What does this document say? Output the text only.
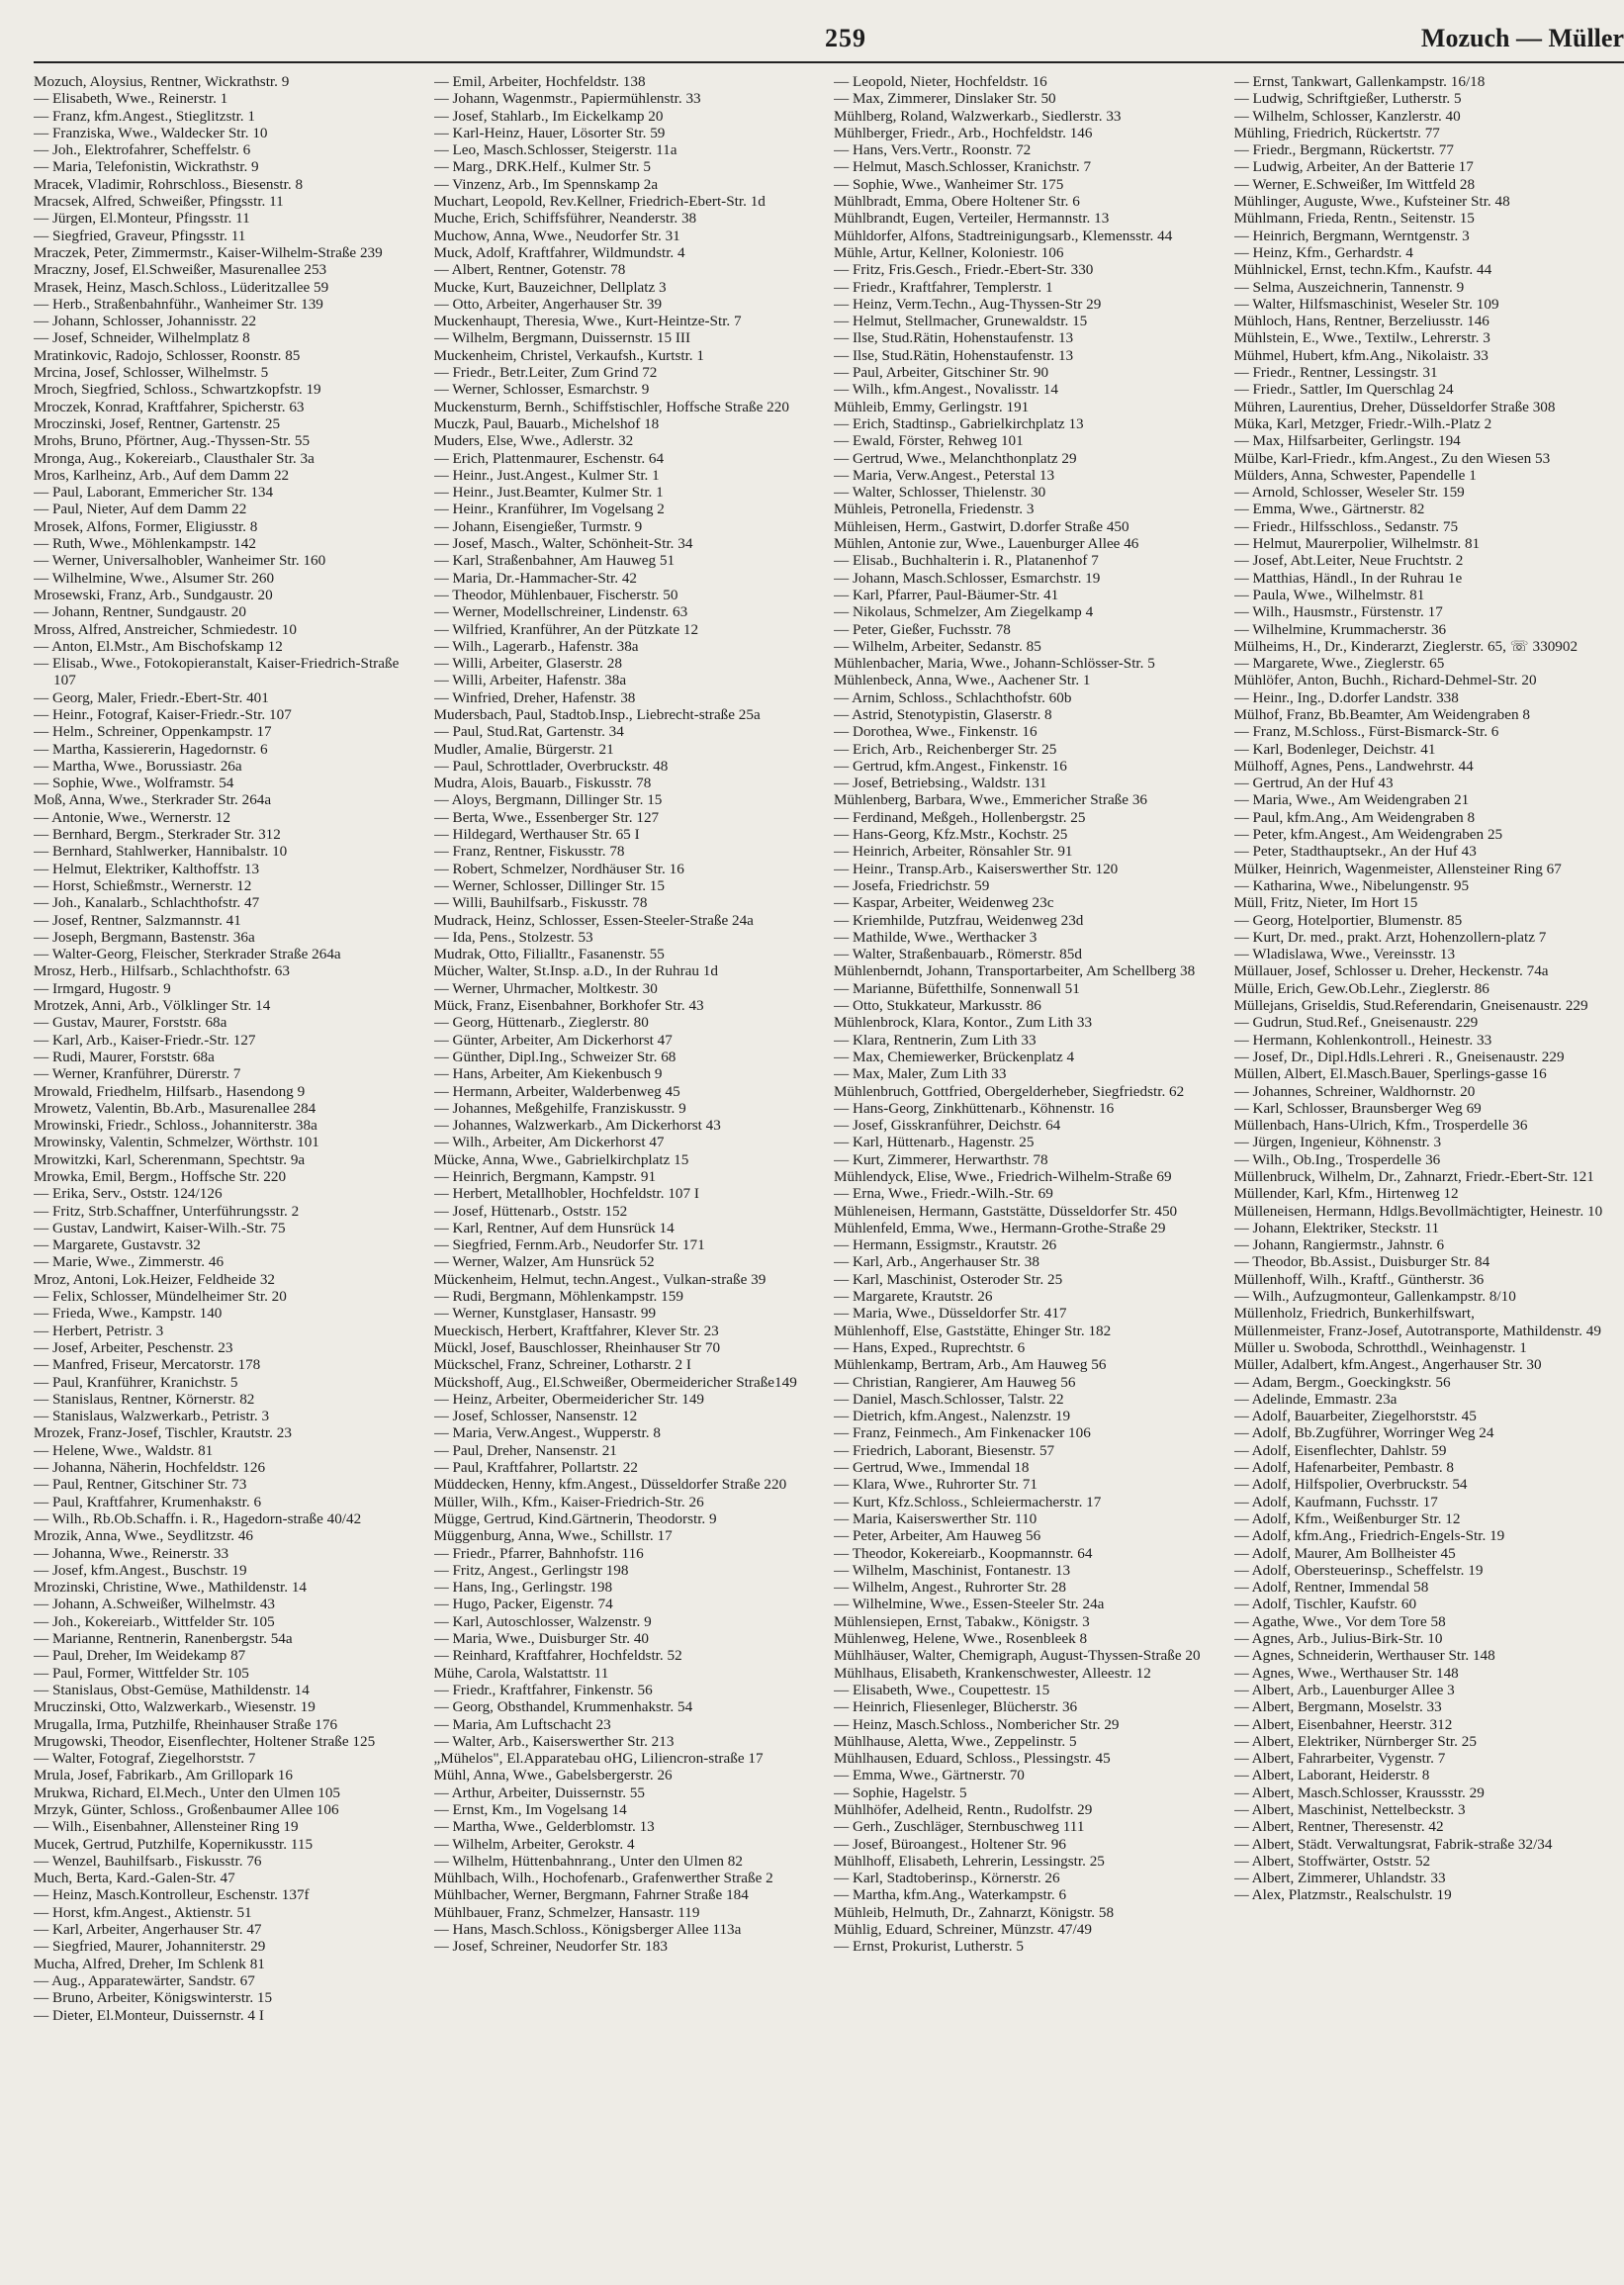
259	Mozuch — Müller
Mozuch, Aloysius, Rentner, Wickrathstr. 9
— Elisabeth, Wwe., Reinerstr. 1
— Franz, kfm.Angest., Stieglitzstr. 1
— Franziska, Wwe., Waldecker Str. 10
— Joh., Elektrofahrer, Scheffelstr. 6
— Maria, Telefonistin, Wickrathstr. 9
Mracek, Vladimir, Rohrschloss., Biesenstr. 8
Mracsek, Alfred, Schweißer, Pfingsstr. 11
— Jürgen, El.Monteur, Pfingsstr. 11
— Siegfried, Graveur, Pfingsstr. 11
Mraczek, Peter, Zimmermstr., Kaiser-Wilhelm-Straße 239
Mraczny, Josef, El.Schweißer, Masurenallee 253
Mrasek, Heinz, Masch.Schloss., Lüderitzallee 59
— Herb., Straßenbahnführ., Wanheimer Str. 139
— Johann, Schlosser, Johannisstr. 22
— Josef, Schneider, Wilhelmplatz 8
Mratinkovic, Radojo, Schlosser, Roonstr. 85
Mrcina, Josef, Schlosser, Wilhelmstr. 5
Mroch, Siegfried, Schloss., Schwartzkopfstr. 19
Mroczek, Konrad, Kraftfahrer, Spicherstr. 63
Mroczinski, Josef, Rentner, Gartenstr. 25
Mrohs, Bruno, Pförtner, Aug.-Thyssen-Str. 55
Mronga, Aug., Kokereiarb., Clausthaler Str. 3a
Mros, Karlheinz, Arb., Auf dem Damm 22
— Paul, Laborant, Emmericher Str. 134
— Paul, Nieter, Auf dem Damm 22
Mrosek, Alfons, Former, Eligiusstr. 8
— Ruth, Wwe., Möhlenkampstr. 142
— Werner, Universalhobler, Wanheimer Str. 160
— Wilhelmine, Wwe., Alsumer Str. 260
Mrosewski, Franz, Arb., Sundgaustr. 20
— Johann, Rentner, Sundgaustr. 20
Mross, Alfred, Anstreicher, Schmiedestr. 10
— Anton, El.Mstr., Am Bischofskamp 12
— Elisab., Wwe., Fotokopieranstalt, Kaiser-Friedrich-Straße 107
— Georg, Maler, Friedr.-Ebert-Str. 401
— Heinr., Fotograf, Kaiser-Friedr.-Str. 107
— Helm., Schreiner, Oppenkampstr. 17
— Martha, Kassiererin, Hagedornstr. 6
— Martha, Wwe., Borussiastr. 26a
— Sophie, Wwe., Wolframstr. 54
Moß, Anna, Wwe., Sterkrader Str. 264a
— Antonie, Wwe., Wernerstr. 12
— Bernhard, Bergm., Sterkrader Str. 312
— Bernhard, Stahlwerker, Hannibalstr. 10
— Helmut, Elektriker, Kalthoffstr. 13
— Horst, Schießmstr., Wernerstr. 12
— Joh., Kanalarb., Schlachthofstr. 47
— Josef, Rentner, Salzmannstr. 41
— Joseph, Bergmann, Bastenstr. 36a
— Walter-Georg, Fleischer, Sterkrader Straße 264a
Mrosz, Herb., Hilfsarb., Schlachthofstr. 63
— Irmgard, Hugostr. 9
Mrotzek, Anni, Arb., Völklinger Str. 14
— Gustav, Maurer, Forststr. 68a
— Karl, Arb., Kaiser-Friedr.-Str. 127
— Rudi, Maurer, Forststr. 68a
— Werner, Kranführer, Dürerstr. 7
Mrowald, Friedhelm, Hilfsarb., Hasendong 9
Mrowetz, Valentin, Bb.Arb., Masurenallee 284
Mrowinski, Friedr., Schloss., Johanniterstr. 38a
Mrowinsky, Valentin, Schmelzer, Wörthstr. 101
Mrowitzki, Karl, Scherenmann, Spechtstr. 9a
Mrowka, Emil, Bergm., Hoffsche Str. 220
— Erika, Serv., Oststr. 124/126
— Fritz, Strb.Schaffner, Unterführungsstr. 2
— Gustav, Landwirt, Kaiser-Wilh.-Str. 75
— Margarete, Gustavstr. 32
— Marie, Wwe., Zimmerstr. 46
Mroz, Antoni, Lok.Heizer, Feldheide 32
— Felix, Schlosser, Mündelheimer Str. 20
— Frieda, Wwe., Kampstr. 140
— Herbert, Petristr. 3
— Josef, Arbeiter, Peschenstr. 23
— Manfred, Friseur, Mercatorstr. 178
— Paul, Kranführer, Kranichstr. 5
— Stanislaus, Rentner, Körnerstr. 82
— Stanislaus, Walzwerkarb., Petristr. 3
Mrozek, Franz-Josef, Tischler, Krautstr. 23
— Helene, Wwe., Waldstr. 81
— Johanna, Näherin, Hochfeldstr. 126
— Paul, Rentner, Gitschiner Str. 73
— Paul, Kraftfahrer, Krumenhakstr. 6
— Wilh., Rb.Ob.Schaffn. i. R., Hagedorn-straße 40/42
Mrozik, Anna, Wwe., Seydlitzstr. 46
— Johanna, Wwe., Reinerstr. 33
— Josef, kfm.Angest., Buschstr. 19
Mrozinski, Christine, Wwe., Mathildenstr. 14
— Johann, A.Schweißer, Wilhelmstr. 43
— Joh., Kokereiarb., Wittfelder Str. 105
— Marianne, Rentnerin, Ranenbergstr. 54a
— Paul, Dreher, Im Weidekamp 87
— Paul, Former, Wittfelder Str. 105
— Stanislaus, Obst-Gemüse, Mathildenstr. 14
Mruczinski, Otto, Walzwerkarb., Wiesenstr. 19
Mrugalla, Irma, Putzhilfe, Rheinhauser Straße 176
Mrugowski, Theodor, Eisenflechter, Holtener Straße 125
— Walter, Fotograf, Ziegelhorststr. 7
Mrula, Josef, Fabrikarb., Am Grillopark 16
Mrukwa, Richard, El.Mech., Unter den Ulmen 105
Mrzyk, Günter, Schloss., Großenbaumer Allee 106
— Wilh., Eisenbahner, Allensteiner Ring 19
Mucek, Gertrud, Putzhilfe, Kopernikusstr. 115
— Wenzel, Bauhilfsarb., Fiskusstr. 76
Much, Berta, Kard.-Galen-Str. 47
— Heinz, Masch.Kontrolleur, Eschenstr. 137f
— Horst, kfm.Angest., Aktienstr. 51
— Karl, Arbeiter, Angerhauser Str. 47
— Siegfried, Maurer, Johanniterstr. 29
Mucha, Alfred, Dreher, Im Schlenk 81
— Aug., Apparatewärter, Sandstr. 67
— Bruno, Arbeiter, Königswinterstr. 15
— Dieter, El.Monteur, Duissernstr. 4 I
— Emil, Arbeiter, Hochfeldstr. 138
— Johann, Wagenmstr., Papiermühlenstr. 33
— Josef, Stahlarb., Im Eickelkamp 20
— Karl-Heinz, Hauer, Lösorter Str. 59
— Leo, Masch.Schlosser, Steigerstr. 11a
— Marg., DRK.Helf., Kulmer Str. 5
— Vinzenz, Arb., Im Spennskamp 2a
Muchart, Leopold, Rev.Kellner, Friedrich-Ebert-Str. 1d
Muche, Erich, Schiffsführer, Neanderstr. 38
Muchow, Anna, Wwe., Neudorfer Str. 31
Muck, Adolf, Kraftfahrer, Wildmundstr. 4
— Albert, Rentner, Gotenstr. 78
Mucke, Kurt, Bauzeichner, Dellplatz 3
— Otto, Arbeiter, Angerhauser Str. 39
Muckenhaupt, Theresia, Wwe., Kurt-Heintze-Str. 7
— Wilhelm, Bergmann, Duissernstr. 15 III
Muckenheim, Christel, Verkaufsh., Kurtstr. 1
— Friedr., Betr.Leiter, Zum Grind 72
— Werner, Schlosser, Esmarchstr. 9
Muckensturm, Bernh., Schiffstischler, Hoffsche Straße 220
Muczk, Paul, Bauarb., Michelshof 18
Muders, Else, Wwe., Adlerstr. 32
— Erich, Plattenmaurer, Eschenstr. 64
— Heinr., Just.Angest., Kulmer Str. 1
— Heinr., Just.Beamter, Kulmer Str. 1
— Heinr., Kranführer, Im Vogelsang 2
— Johann, Eisengießer, Turmstr. 9
— Josef, Masch., Walter, Schönheit-Str. 34
— Karl, Straßenbahner, Am Hauweg 51
— Maria, Dr.-Hammacher-Str. 42
— Theodor, Mühlenbauer, Fischerstr. 50
— Werner, Modellschreiner, Lindenstr. 63
— Wilfried, Kranführer, An der Pützkate 12
— Wilh., Lagerarb., Hafenstr. 38a
— Willi, Arbeiter, Glaserstr. 28
— Willi, Arbeiter, Hafenstr. 38a
— Winfried, Dreher, Hafenstr. 38
Mudersbach, Paul, Stadtob.Insp., Liebrecht-straße 25a
— Paul, Stud.Rat, Gartenstr. 34
Mudler, Amalie, Bürgerstr. 21
— Paul, Schrottlader, Overbruckstr. 48
Mudra, Alois, Bauarb., Fiskusstr. 78
— Aloys, Bergmann, Dillinger Str. 15
— Berta, Wwe., Essenberger Str. 127
— Hildegard, Werthauser Str. 65 I
— Franz, Rentner, Fiskusstr. 78
— Robert, Schmelzer, Nordhäuser Str. 16
— Werner, Schlosser, Dillinger Str. 15
— Willi, Bauhilfsarb., Fiskusstr. 78
Mudrack, Heinz, Schlosser, Essen-Steeler-Straße 24a
— Ida, Pens., Stolzestr. 53
Mudrak, Otto, Filialltr., Fasanenstr. 55
Mücher, Walter, St.Insp. a.D., In der Ruhrau 1d
— Werner, Uhrmacher, Moltkestr. 30
Mück, Franz, Eisenbahner, Borkhofer Str. 43
— Georg, Hüttenarb., Zieglerstr. 80
— Günter, Arbeiter, Am Dickerhorst 47
— Günther, Dipl.Ing., Schweizer Str. 68
— Hans, Arbeiter, Am Kiekenbusch 9
— Hermann, Arbeiter, Walderbenweg 45
— Johannes, Meßgehilfe, Franziskusstr. 9
— Johannes, Walzwerkarb., Am Dickerhorst 43
— Wilh., Arbeiter, Am Dickerhorst 47
Mücke, Anna, Wwe., Gabrielkirchplatz 15
— Heinrich, Bergmann, Kampstr. 91
— Herbert, Metallhobler, Hochfeldstr. 107 I
— Josef, Hüttenarb., Oststr. 152
— Karl, Rentner, Auf dem Hunsrück 14
— Siegfried, Fernm.Arb., Neudorfer Str. 171
— Werner, Walzer, Am Hunsrück 52
Mückenheim, Helmut, techn.Angest., Vulkan-straße 39
— Rudi, Bergmann, Möhlenkampstr. 159
— Werner, Kunstglaser, Hansastr. 99
Mueckisch, Herbert, Kraftfahrer, Klever Str. 23
Mückl, Josef, Bauschlosser, Rheinhauser Str 70
Mückschel, Franz, Schreiner, Lotharstr. 2 I
Mückshoff, Aug., El.Schweißer, Obermeidericher Straße149
— Heinz, Arbeiter, Obermeidericher Str. 149
— Josef, Schlosser, Nansenstr. 12
— Maria, Verw.Angest., Wupperstr. 8
— Paul, Dreher, Nansenstr. 21
— Paul, Kraftfahrer, Pollartstr. 22
Müddecken, Henny, kfm.Angest., Düsseldorfer Straße 220
Müller, Wilh., Kfm., Kaiser-Friedrich-Str. 26
Mügge, Gertrud, Kind.Gärtnerin, Theodorstr. 9
Müggenburg, Anna, Wwe., Schillstr. 17
— Friedr., Pfarrer, Bahnhofstr. 116
— Fritz, Angest., Gerlingstr 198
— Hans, Ing., Gerlingstr. 198
— Hugo, Packer, Eigenstr. 74
— Karl, Autoschlosser, Walzenstr. 9
— Maria, Wwe., Duisburger Str. 40
— Reinhard, Kraftfahrer, Hochfeldstr. 52
Mühe, Carola, Walstattstr. 11
— Friedr., Kraftfahrer, Finkenstr. 56
— Georg, Obsthandel, Krummenhakstr. 54
— Maria, Am Luftschacht 23
— Walter, Arb., Kaiserswerther Str. 213
„Mühelos", El.Apparatebau oHG, Liliencron-straße 17
Mühl, Anna, Wwe., Gabelsbergerstr. 26
— Arthur, Arbeiter, Duissernstr. 55
— Ernst, Km., Im Vogelsang 14
— Martha, Wwe., Gelderblomstr. 13
— Wilhelm, Arbeiter, Gerokstr. 4
— Wilhelm, Hüttenbahnrang., Unter den Ulmen 82
Mühlbach, Wilh., Hochofenarb., Grafenwerther Straße 2
Mühlbacher, Werner, Bergmann, Fahrner Straße 184
Mühlbauer, Franz, Schmelzer, Hansastr. 119
— Hans, Masch.Schloss., Königsberger Allee 113a
— Josef, Schreiner, Neudorfer Str. 183
— Leopold, Nieter, Hochfeldstr. 16
— Max, Zimmerer, Dinslaker Str. 50
Mühlberg, Roland, Walzwerkarb., Siedlerstr. 33
Mühlberger, Friedr., Arb., Hochfeldstr. 146
— Hans, Vers.Vertr., Roonstr. 72
— Helmut, Masch.Schlosser, Kranichstr. 7
— Sophie, Wwe., Wanheimer Str. 175
Mühlbradt, Emma, Obere Holtener Str. 6
Mühlbrandt, Eugen, Verteiler, Hermannstr. 13
Mühldorfer, Alfons, Stadtreinigungsarb., Klemensstr. 44
Mühle, Artur, Kellner, Koloniestr. 106
— Fritz, Fris.Gesch., Friedr.-Ebert-Str. 330
— Friedr., Kraftfahrer, Templerstr. 1
— Heinz, Verm.Techn., Aug-Thyssen-Str 29
— Helmut, Stellmacher, Grunewaldstr. 15
— Ilse, Stud.Rätin, Hohenstaufenstr. 13
— Ilse, Stud.Rätin, Hohenstaufenstr. 13
— Paul, Arbeiter, Gitschiner Str. 90
— Wilh., kfm.Angest., Novalisstr. 14
Mühleib, Emmy, Gerlingstr. 191
— Erich, Stadtinsp., Gabrielkirchplatz 13
— Ewald, Förster, Rehweg 101
— Gertrud, Wwe., Melanchthonplatz 29
— Maria, Verw.Angest., Peterstal 13
— Walter, Schlosser, Thielenstr. 30
Mühleis, Petronella, Friedenstr. 3
Mühleisen, Herm., Gastwirt, D.dorfer Straße 450
Mühlen, Antonie zur, Wwe., Lauenburger Allee 46
— Elisab., Buchhalterin i. R., Platanenhof 7
— Johann, Masch.Schlosser, Esmarchstr. 19
— Karl, Pfarrer, Paul-Bäumer-Str. 41
— Nikolaus, Schmelzer, Am Ziegelkamp 4
— Peter, Gießer, Fuchsstr. 78
— Wilhelm, Arbeiter, Sedanstr. 85
Mühlenbacher, Maria, Wwe., Johann-Schlösser-Str. 5
Mühlenbeck, Anna, Wwe., Aachener Str. 1
— Arnim, Schloss., Schlachthofstr. 60b
— Astrid, Stenotypistin, Glaserstr. 8
— Dorothea, Wwe., Finkenstr. 16
— Erich, Arb., Reichenberger Str. 25
— Gertrud, kfm.Angest., Finkenstr. 16
— Josef, Betriebsing., Waldstr. 131
Mühlenberg, Barbara, Wwe., Emmericher Straße 36
— Ferdinand, Meßgeh., Hollenbergstr. 25
— Hans-Georg, Kfz.Mstr., Kochstr. 25
— Heinrich, Arbeiter, Rönsahler Str. 91
— Heinr., Transp.Arb., Kaiserswerther Str. 120
— Josefa, Friedrichstr. 59
— Kaspar, Arbeiter, Weidenweg 23c
— Kriemhilde, Putzfrau, Weidenweg 23d
— Mathilde, Wwe., Werthacker 3
— Walter, Straßenbauarb., Römerstr. 85d
Mühlenberndt, Johann, Transportarbeiter, Am Schellberg 38
— Marianne, Büfetthilfe, Sonnenwall 51
— Otto, Stukkateur, Markusstr. 86
Mühlenbrock, Klara, Kontor., Zum Lith 33
— Klara, Rentnerin, Zum Lith 33
— Max, Chemiewerker, Brückenplatz 4
— Max, Maler, Zum Lith 33
Mühlenbruch, Gottfried, Obergelderheber, Siegfriedstr. 62
— Hans-Georg, Zinkhüttenarb., Köhnenstr. 16
— Josef, Gisskranführer, Deichstr. 64
— Karl, Hüttenarb., Hagenstr. 25
— Kurt, Zimmerer, Herwarthstr. 78
Mühlendyck, Elise, Wwe., Friedrich-Wilhelm-Straße 69
— Erna, Wwe., Friedr.-Wilh.-Str. 69
Mühleneisen, Hermann, Gaststätte, Düsseldorfer Str. 450
Mühlenfeld, Emma, Wwe., Hermann-Grothe-Straße 29
— Hermann, Essigmstr., Krautstr. 26
— Karl, Arb., Angerhauser Str. 38
— Karl, Maschinist, Osteroder Str. 25
— Margarete, Krautstr. 26
— Maria, Wwe., Düsseldorfer Str. 417
Mühlenhoff, Else, Gaststätte, Ehinger Str. 182
— Hans, Exped., Ruprechtstr. 6
Mühlenkamp, Bertram, Arb., Am Hauweg 56
— Christian, Rangierer, Am Hauweg 56
— Daniel, Masch.Schlosser, Talstr. 22
— Dietrich, kfm.Angest., Nalenzstr. 19
— Franz, Feinmech., Am Finkenacker 106
— Friedrich, Laborant, Biesenstr. 57
— Gertrud, Wwe., Immendal 18
— Klara, Wwe., Ruhrorter Str. 71
— Kurt, Kfz.Schloss., Schleiermacherstr. 17
— Maria, Kaiserswerther Str. 110
— Peter, Arbeiter, Am Hauweg 56
— Theodor, Kokereiarb., Koopmannstr. 64
— Wilhelm, Maschinist, Fontanestr. 13
— Wilhelm, Angest., Ruhrorter Str. 28
— Wilhelmine, Wwe., Essen-Steeler Str. 24a
Mühlensiepen, Ernst, Tabakw., Königstr. 3
Mühlenweg, Helene, Wwe., Rosenbleek 8
Mühlhäuser, Walter, Chemigraph, August-Thyssen-Straße 20
Mühlhaus, Elisabeth, Krankenschwester, Alleestr. 12
— Elisabeth, Wwe., Coupettestr. 15
— Heinrich, Fliesenleger, Blücherstr. 36
— Heinz, Masch.Schloss., Nombericher Str. 29
Mühlhause, Aletta, Wwe., Zeppelinstr. 5
Mühlhausen, Eduard, Schloss., Plessingstr. 45
— Emma, Wwe., Gärtnerstr. 70
— Sophie, Hagelstr. 5
Mühlhöfer, Adelheid, Rentn., Rudolfstr. 29
— Gerh., Zuschläger, Sternbuschweg 111
— Josef, Büroangest., Holtener Str. 96
Mühlhoff, Elisabeth, Lehrerin, Lessingstr. 25
— Karl, Stadtoberinsp., Körnerstr. 26
— Martha, kfm.Ang., Waterkampstr. 6
Mühleib, Helmuth, Dr., Zahnarzt, Königstr. 58
Mühlig, Eduard, Schreiner, Münzstr. 47/49
— Ernst, Prokurist, Lutherstr. 5
— Ernst, Tankwart, Gallenkampstr. 16/18
— Ludwig, Schriftgießer, Lutherstr. 5
— Wilhelm, Schlosser, Kanzlerstr. 40
Mühling, Friedrich, Rückertstr. 77
— Friedr., Bergmann, Rückertstr. 77
— Ludwig, Arbeiter, An der Batterie 17
— Werner, E.Schweißer, Im Wittfeld 28
Mühlinger, Auguste, Wwe., Kufsteiner Str. 48
Mühlmann, Frieda, Rentn., Seitenstr. 15
— Heinrich, Bergmann, Werntgenstr. 3
— Heinz, Kfm., Gerhardstr. 4
Mühlnickel, Ernst, techn.Kfm., Kaufstr. 44
— Selma, Auszeichnerin, Tannenstr. 9
— Walter, Hilfsmaschinist, Weseler Str. 109
Mühloch, Hans, Rentner, Berzeliusstr. 146
Mühlstein, E., Wwe., Textilw., Lehrerstr. 3
Mühmel, Hubert, kfm.Ang., Nikolaistr. 33
— Friedr., Rentner, Lessingstr. 31
— Friedr., Sattler, Im Querschlag 24
Mühren, Laurentius, Dreher, Düsseldorfer Straße 308
Müka, Karl, Metzger, Friedr.-Wilh.-Platz 2
— Max, Hilfsarbeiter, Gerlingstr. 194
Mülbe, Karl-Friedr., kfm.Angest., Zu den Wiesen 53
Mülders, Anna, Schwester, Papendelle 1
— Arnold, Schlosser, Weseler Str. 159
— Emma, Wwe., Gärtnerstr. 82
— Friedr., Hilfsschloss., Sedanstr. 75
— Helmut, Maurerpolier, Wilhelmstr. 81
— Josef, Abt.Leiter, Neue Fruchtstr. 2
— Matthias, Händl., In der Ruhrau 1e
— Paula, Wwe., Wilhelmstr. 81
— Wilh., Hausmstr., Fürstenstr. 17
— Wilhelmine, Krummacherstr. 36
Mülheims, H., Dr., Kinderarzt, Zieglerstr. 65, ☏ 330902
— Margarete, Wwe., Zieglerstr. 65
Mühlöfer, Anton, Buchh., Richard-Dehmel-Str. 20
— Heinr., Ing., D.dorfer Landstr. 338
Mülhof, Franz, Bb.Beamter, Am Weidengraben 8
— Franz, M.Schloss., Fürst-Bismarck-Str. 6
— Karl, Bodenleger, Deichstr. 41
Mülhoff, Agnes, Pens., Landwehrstr. 44
— Gertrud, An der Huf 43
— Maria, Wwe., Am Weidengraben 21
— Paul, kfm.Ang., Am Weidengraben 8
— Peter, kfm.Angest., Am Weidengraben 25
— Peter, Stadthauptsekr., An der Huf 43
Mülker, Heinrich, Wagenmeister, Allensteiner Ring 67
— Katharina, Wwe., Nibelungenstr. 95
Müll, Fritz, Nieter, Im Hort 15
— Georg, Hotelportier, Blumenstr. 85
— Kurt, Dr. med., prakt. Arzt, Hohenzollern-platz 7
— Wladislawa, Wwe., Vereinsstr. 13
Müllauer, Josef, Schlosser u. Dreher, Heckenstr. 74a
Mülle, Erich, Gew.Ob.Lehr., Zieglerstr. 86
Müllejans, Griseldis, Stud.Referendarin, Gneisenaustr. 229
— Gudrun, Stud.Ref., Gneisenaustr. 229
— Hermann, Kohlenkontroll., Heinestr. 33
— Josef, Dr., Dipl.Hdls.Lehreri . R., Gneisenaustr. 229
Müllen, Albert, El.Masch.Bauer, Sperlings-gasse 16
— Johannes, Schreiner, Waldhornstr. 20
— Karl, Schlosser, Braunsberger Weg 69
Müllenbach, Hans-Ulrich, Kfm., Trosperdelle 36
— Jürgen, Ingenieur, Köhnenstr. 3
— Wilh., Ob.Ing., Trosperdelle 36
Müllenbruck, Wilhelm, Dr., Zahnarzt, Friedr.-Ebert-Str. 121
Müllender, Karl, Kfm., Hirtenweg 12
Mülleneisen, Hermann, Hdlgs.Bevollmächtigter, Heinestr. 10
— Johann, Elektriker, Steckstr. 11
— Johann, Rangiermstr., Jahnstr. 6
— Theodor, Bb.Assist., Duisburger Str. 84
Müllenhoff, Wilh., Kraftf., Güntherstr. 36
— Wilh., Aufzugmonteur, Gallenkampstr. 8/10
Müllenholz, Friedrich, Bunkerhilfswart,
Müllenmeister, Franz-Josef, Autotransporte, Mathildenstr. 49
Müller u. Swoboda, Schrotthdl., Weinhagenstr. 1
Müller, Adalbert, kfm.Angest., Angerhauser Str. 30
— Adam, Bergm., Goeckingkstr. 56
— Adelinde, Emmastr. 23a
— Adolf, Bauarbeiter, Ziegelhorststr. 45
— Adolf, Bb.Zugführer, Worringer Weg 24
— Adolf, Eisenflechter, Dahlstr. 59
— Adolf, Hafenarbeiter, Pembastr. 8
— Adolf, Hilfspolier, Overbruckstr. 54
— Adolf, Kaufmann, Fuchsstr. 17
— Adolf, Kfm., Weißenburger Str. 12
— Adolf, kfm.Ang., Friedrich-Engels-Str. 19
— Adolf, Maurer, Am Bollheister 45
— Adolf, Obersteuerinsp., Scheffelstr. 19
— Adolf, Rentner, Immendal 58
— Adolf, Tischler, Kaufstr. 60
— Agathe, Wwe., Vor dem Tore 58
— Agnes, Arb., Julius-Birk-Str. 10
— Agnes, Schneiderin, Werthauser Str. 148
— Agnes, Wwe., Werthauser Str. 148
— Albert, Arb., Lauenburger Allee 3
— Albert, Bergmann, Moselstr. 33
— Albert, Eisenbahner, Heerstr. 312
— Albert, Elektriker, Nürnberger Str. 25
— Albert, Fahrarbeiter, Vygenstr. 7
— Albert, Laborant, Heiderstr. 8
— Albert, Masch.Schlosser, Kraussstr. 29
— Albert, Maschinist, Nettelbeckstr. 3
— Albert, Rentner, Theresenstr. 42
— Albert, Städt. Verwaltungsrat, Fabrik-straße 32/34
— Albert, Stoffwärter, Oststr. 52
— Albert, Zimmerer, Uhlandstr. 33
— Alex, Platzmstr., Realschulstr. 19
